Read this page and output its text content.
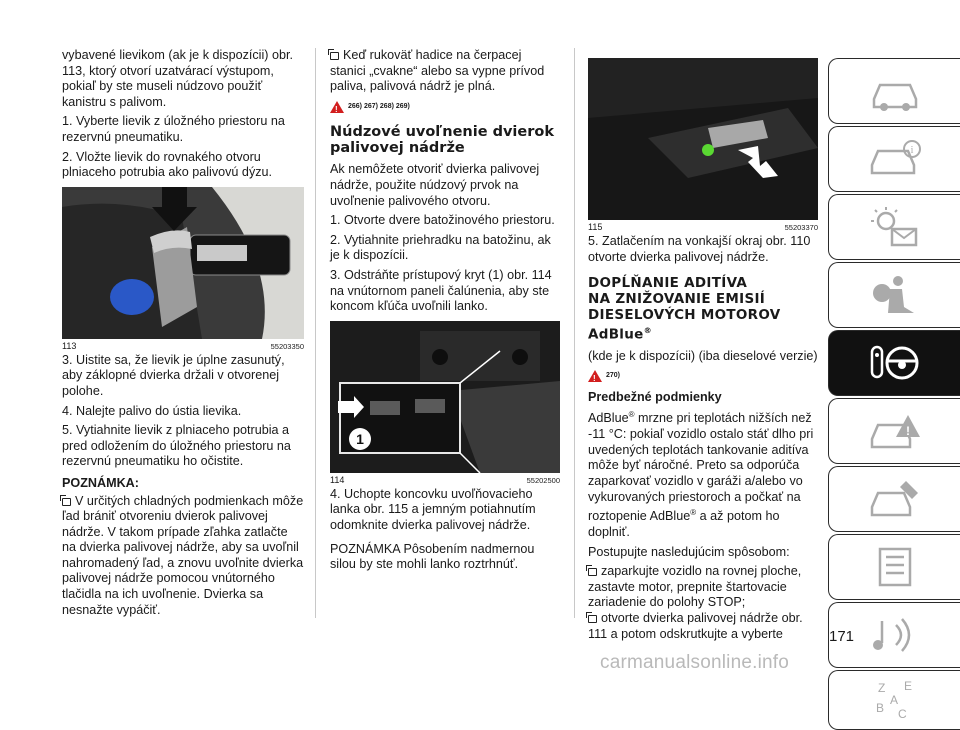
vybavené lievikom (ak je k dispozícii) obr. 113, ktorý otvorí uzatvárací výstupom, pokiaľ by ste museli núdzovo použiť kanistru s palivom.

1. Vyberte lievik z úložného priestoru na rezervnú pneumatiku.

2. Vložte lievik do rovnakého otvoru plniaceho potrubia ako palivovú dýzu.

113	55203350

3. Uistite sa, že lievik je úplne zasunutý, aby záklopné dvierka držali v otvorenej polohe.

4. Nalejte palivo do ústia lievika.

5. Vytiahnite lievik z plniaceho potrubia a pred odložením do úložného priestoru na rezervnú pneumatiku ho očistite.

POZNÁMKA:

V určitých chladných podmienkach môže ľad brániť otvoreniu dvierok palivovej nádrže. V takom prípade zľahka zatlačte na dvierka palivovej nádrže, aby sa uvoľnil nahromadený ľad, a znovu uvoľnite dvierka palivovej nádrže pomocou vnútorného tlačidla na ich uvoľnenie. Dvierka sa nesnažte vypáčiť.

Keď rukoväť hadice na čerpacej stanici „cvakne“ alebo sa vypne prívod paliva, palivová nádrž je plná.

!
266) 267) 268) 269)
Núdzové uvoľnenie dvierok palivovej nádrže

Ak nemôžete otvoriť dvierka palivovej nádrže, použite núdzový prvok na uvoľnenie palivového otvoru.

1. Otvorte dvere batožinového priestoru.

2. Vytiahnite priehradku na batožinu, ak je k dispozícii.

3. Odstráňte prístupový kryt (1) obr. 114 na vnútornom paneli čalúnenia, aby ste koncom kľúča uvoľnili lanko.

1
114	55202500

4. Uchopte koncovku uvoľňovacieho lanka obr. 115 a jemným potiahnutím odomknite dvierka palivovej nádrže.

POZNÁMKA Pôsobením nadmernou silou by ste mohli lanko roztrhnúť.

115	55203370

5. Zatlačením na vonkajší okraj obr. 110 otvorte dvierka palivovej nádrže.

DOPĹŇANIE ADITÍVA
NA ZNIŽOVANIE EMISIÍ
DIESELOVÝCH MOTOROV
AdBlue®

(kde je k dispozícii) (iba dieselové verzie)

!
270)

Predbežné podmienky

AdBlue® mrzne pri teplotách nižších než -11 °C: pokiaľ vozidlo ostalo stáť dlho pri uvedených teplotách tankovanie aditíva môže byť náročné. Preto sa odporúča zaparkovať vozidlo v garáži a/alebo vo vykurovaných priestoroch a počkať na roztopenie AdBlue® a až potom ho doplniť.

Postupujte nasledujúcim spôsobom:

zaparkujte vozidlo na rovnej ploche, zastavte motor, prepnite štartovacie zariadenie do polohy STOP;

otvorte dvierka palivovej nádrže obr. 111 a potom odskrutkujte a vyberte

i
!
Z E
B C
A
171
carmanualsonline.info
